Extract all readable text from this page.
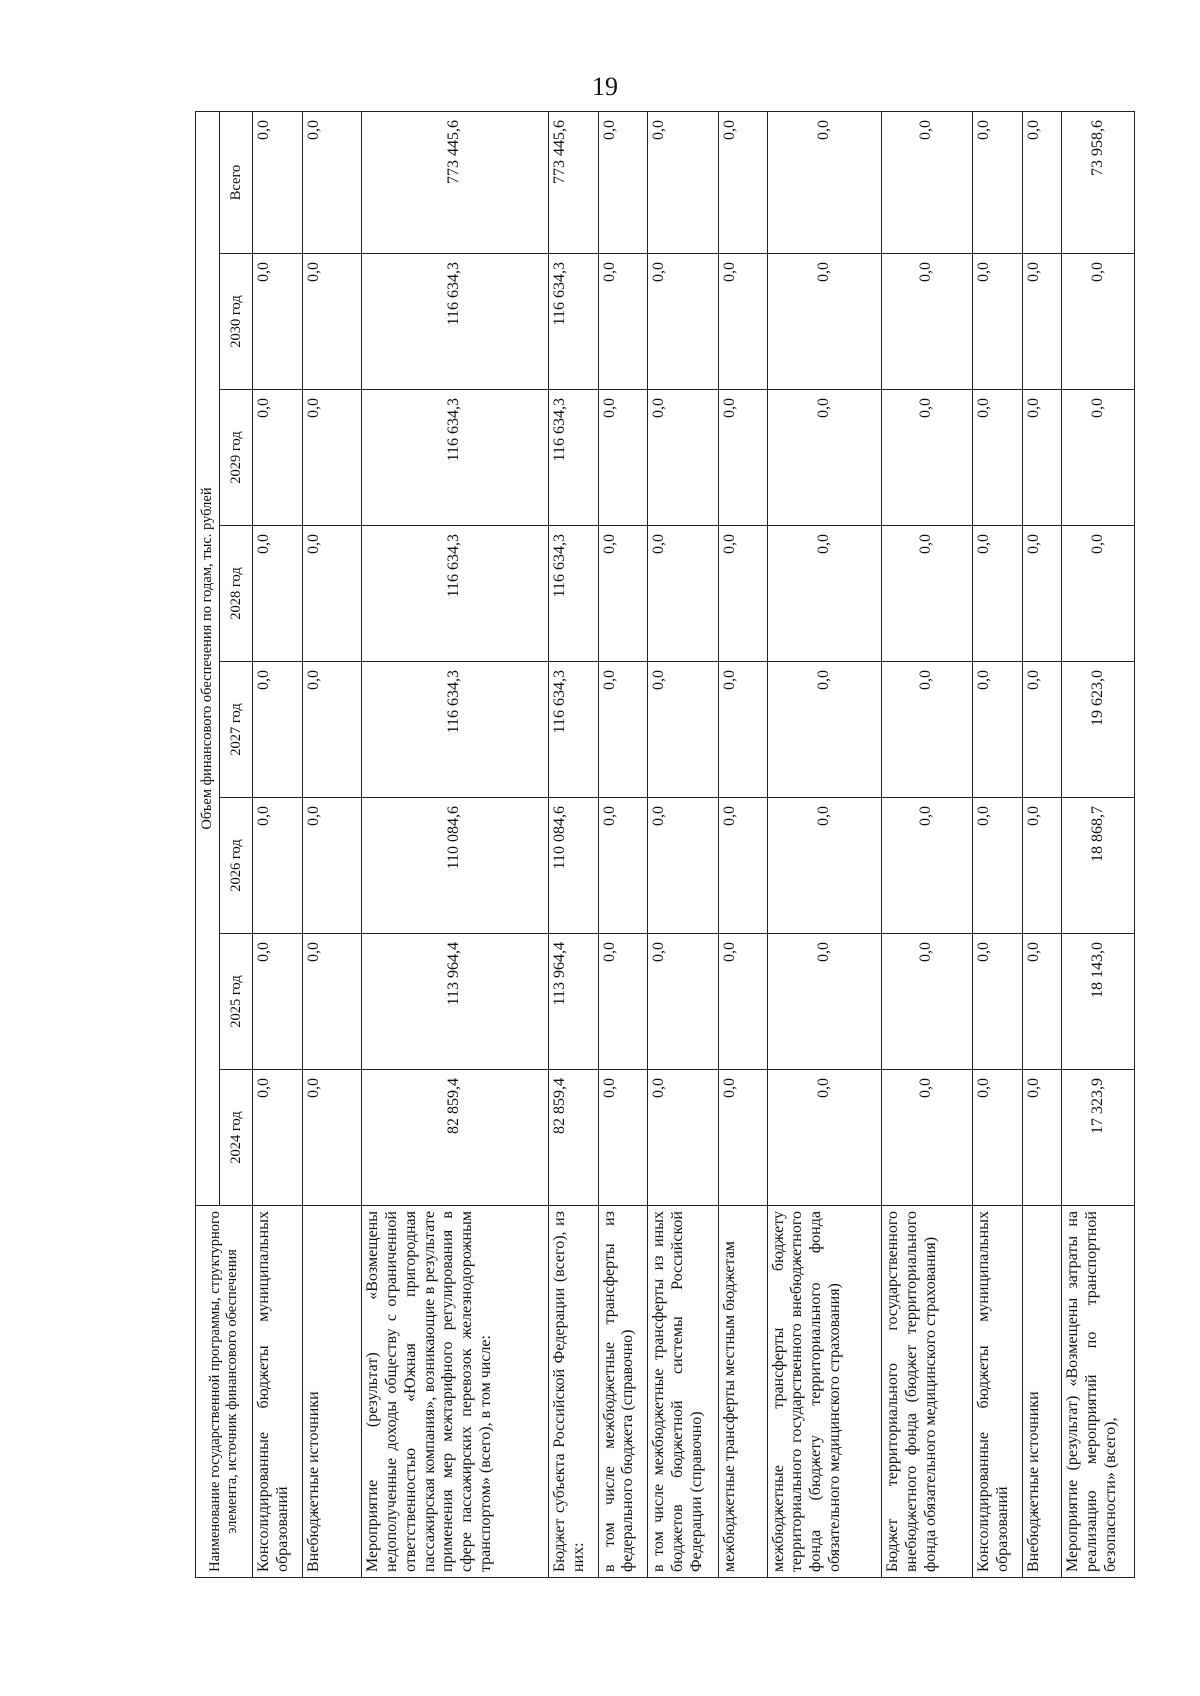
19
Наименование государственной программы, структурного элемента, источник финансового обеспечения	Объем финансового обеспечения по годам, тыс. рублей							
	2024 год	2025 год	2026 год	2027 год	2028 год	2029 год	2030 год	Всего
Консолидированные бюджеты муниципальных образований	0,0	0,0	0,0	0,0	0,0	0,0	0,0	0,0
Внебюджетные источники	0,0	0,0	0,0	0,0	0,0	0,0	0,0	0,0
Мероприятие (результат) «Возмещены недополученные доходы обществу с ограниченной ответственностью «Южная пригородная пассажирская компания», возникающие в результате применения мер межтарифного регулирования в сфере пассажирских перевозок железнодорожным транспортом» (всего), в том числе:	82 859,4	113 964,4	110 084,6	116 634,3	116 634,3	116 634,3	116 634,3	773 445,6
Бюджет субъекта Российской Федерации (всего), из них:	82 859,4	113 964,4	110 084,6	116 634,3	116 634,3	116 634,3	116 634,3	773 445,6
в том числе межбюджетные трансферты из федерального бюджета (справочно)	0,0	0,0	0,0	0,0	0,0	0,0	0,0	0,0
в том числе межбюджетные трансферты из иных бюджетов бюджетной системы Российской Федерации (справочно)	0,0	0,0	0,0	0,0	0,0	0,0	0,0	0,0
межбюджетные трансферты местным бюджетам	0,0	0,0	0,0	0,0	0,0	0,0	0,0	0,0
межбюджетные трансферты бюджету территориального государственного внебюджетного фонда (бюджету территориального фонда обязательного медицинского страхования)	0,0	0,0	0,0	0,0	0,0	0,0	0,0	0,0
Бюджет территориального государственного внебюджетного фонда (бюджет территориального фонда обязательного медицинского страхования)	0,0	0,0	0,0	0,0	0,0	0,0	0,0	0,0
Консолидированные бюджеты муниципальных образований	0,0	0,0	0,0	0,0	0,0	0,0	0,0	0,0
Внебюджетные источники	0,0	0,0	0,0	0,0	0,0	0,0	0,0	0,0
Мероприятие (результат) «Возмещены затраты на реализацию мероприятий по транспортной безопасности» (всего),	17 323,9	18 143,0	18 868,7	19 623,0	0,0	0,0	0,0	73 958,6
